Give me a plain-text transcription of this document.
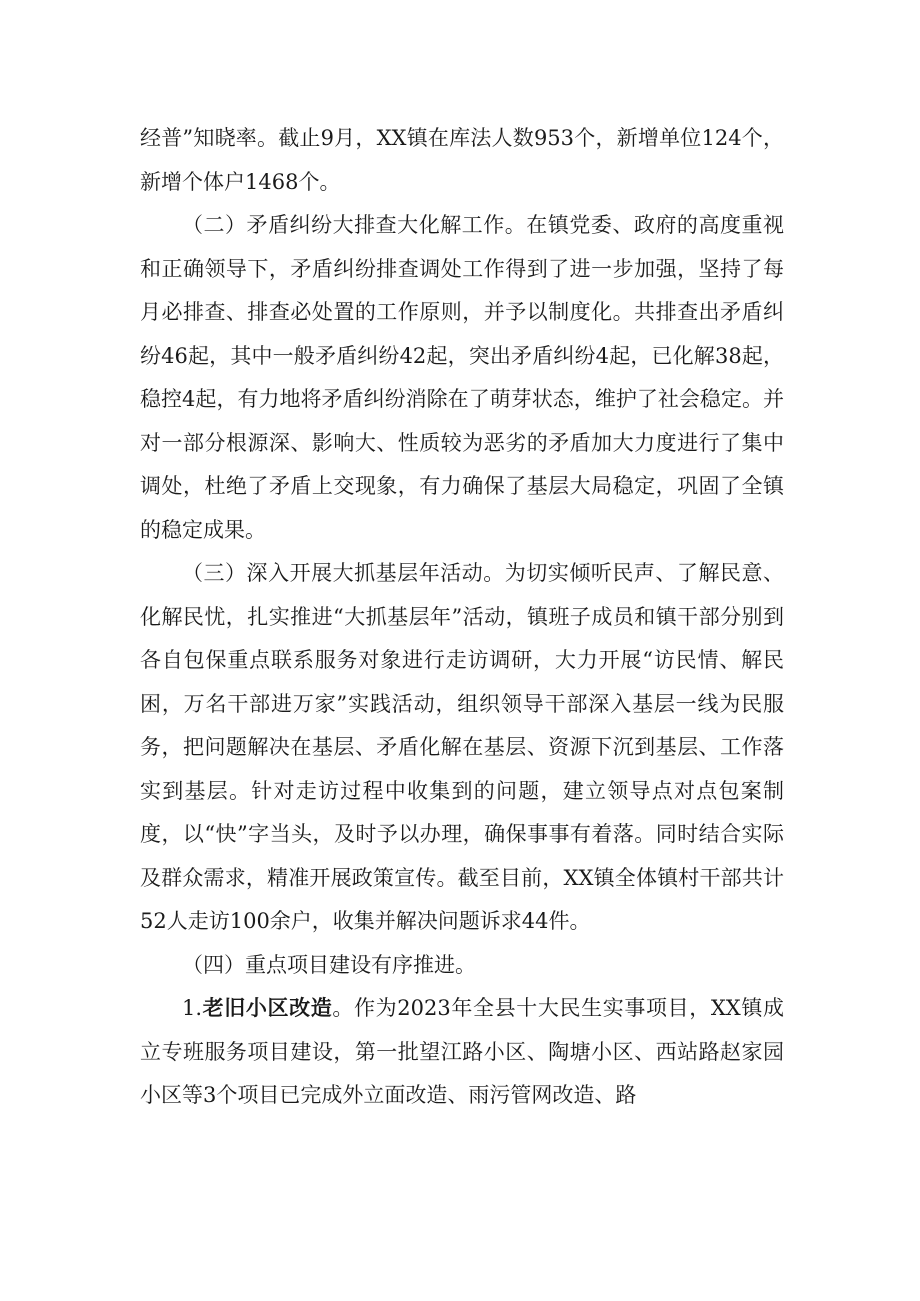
经普”知晓率。截止9月，XX镇在库法人数953个，新增单位124个，新增个体户1468个。

（二）矛盾纠纷大排查大化解工作。在镇党委、政府的高度重视和正确领导下，矛盾纠纷排查调处工作得到了进一步加强，坚持了每月必排查、排查必处置的工作原则，并予以制度化。共排查出矛盾纠纷46起，其中一般矛盾纠纷42起，突出矛盾纠纷4起，已化解38起，稳控4起，有力地将矛盾纠纷消除在了萌芽状态，维护了社会稳定。并对一部分根源深、影响大、性质较为恶劣的矛盾加大力度进行了集中调处，杜绝了矛盾上交现象，有力确保了基层大局稳定，巩固了全镇的稳定成果。

（三）深入开展大抓基层年活动。为切实倾听民声、了解民意、化解民忧，扎实推进“大抓基层年”活动，镇班子成员和镇干部分别到各自包保重点联系服务对象进行走访调研，大力开展“访民情、解民困，万名干部进万家”实践活动，组织领导干部深入基层一线为民服务，把问题解决在基层、矛盾化解在基层、资源下沉到基层、工作落实到基层。针对走访过程中收集到的问题，建立领导点对点包案制度，以“快”字当头，及时予以办理，确保事事有着落。同时结合实际及群众需求，精准开展政策宣传。截至目前，XX镇全体镇村干部共计52人走访100余户，收集并解决问题诉求44件。

（四）重点项目建设有序推进。

1.老旧小区改造。作为2023年全县十大民生实事项目，XX镇成立专班服务项目建设，第一批望江路小区、陶塘小区、西站路赵家园小区等3个项目已完成外立面改造、雨污管网改造、路
